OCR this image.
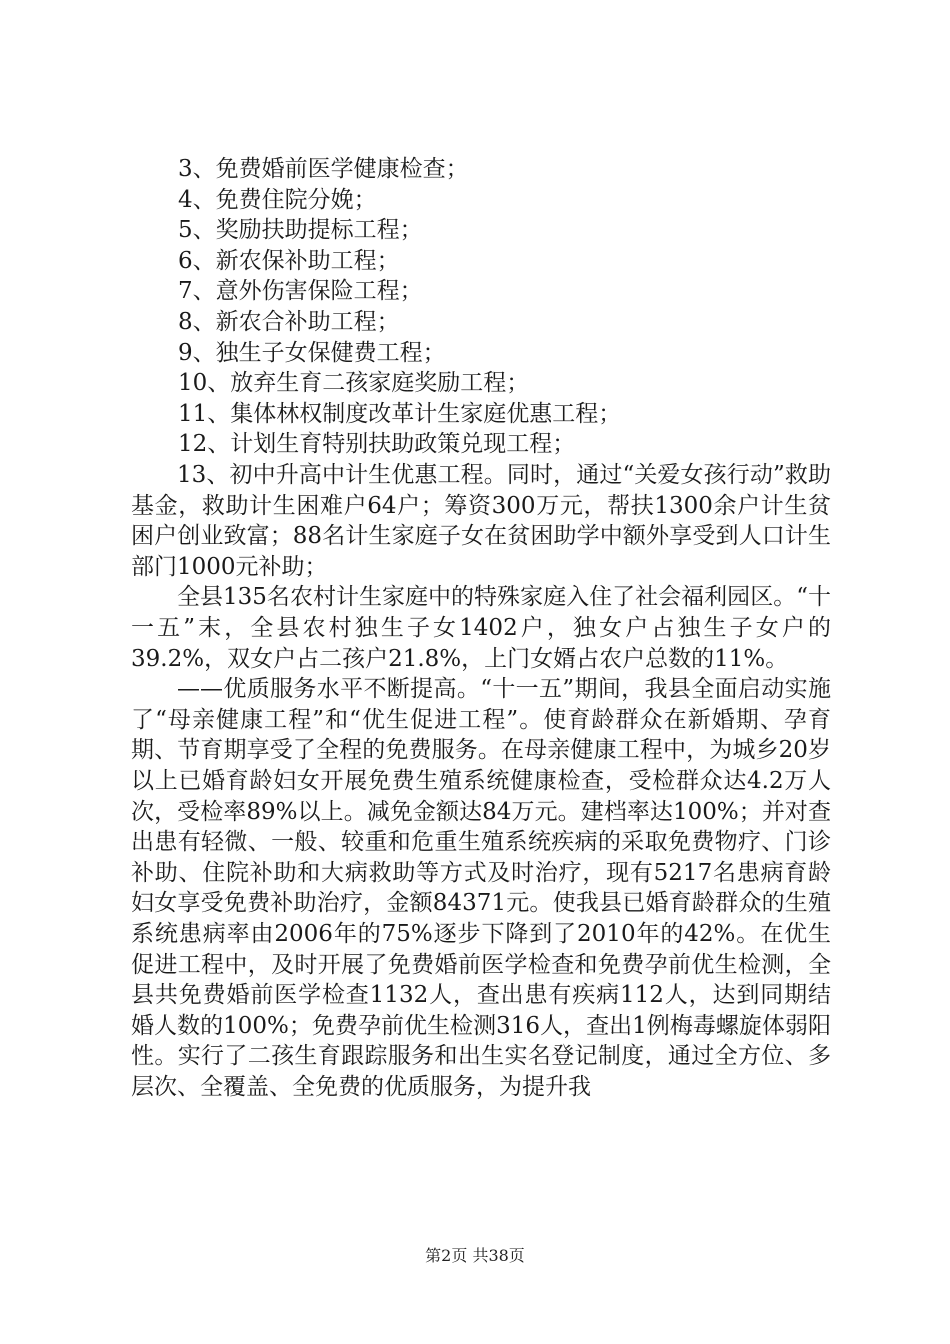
3、免费婚前医学健康检查；
4、免费住院分娩；
5、奖励扶助提标工程；
6、新农保补助工程；
7、意外伤害保险工程；
8、新农合补助工程；
9、独生子女保健费工程；
10、放弃生育二孩家庭奖励工程；
11、集体林权制度改革计生家庭优惠工程；
12、计划生育特别扶助政策兑现工程；

13、初中升高中计生优惠工程。同时，通过“关爱女孩行动”救助基金，救助计生困难户64户；筹资300万元，帮扶1300余户计生贫困户创业致富；88名计生家庭子女在贫困助学中额外享受到人口计生部门1000元补助；

全县135名农村计生家庭中的特殊家庭入住了社会福利园区。“十一五”末，全县农村独生子女1402户，独女户占独生子女户的39.2%，双女户占二孩户21.8%，上门女婿占农户总数的11%。

——优质服务水平不断提高。“十一五”期间，我县全面启动实施了“母亲健康工程”和“优生促进工程”。使育龄群众在新婚期、孕育期、节育期享受了全程的免费服务。在母亲健康工程中，为城乡20岁以上已婚育龄妇女开展免费生殖系统健康检查，受检群众达4.2万人次，受检率89%以上。减免金额达84万元。建档率达100%；并对查出患有轻微、一般、较重和危重生殖系统疾病的采取免费物疗、门诊补助、住院补助和大病救助等方式及时治疗，现有5217名患病育龄妇女享受免费补助治疗，金额84371元。使我县已婚育龄群众的生殖系统患病率由2006年的75%逐步下降到了2010年的42%。在优生促进工程中，及时开展了免费婚前医学检查和免费孕前优生检测，全县共免费婚前医学检查1132人，查出患有疾病112人，达到同期结婚人数的100%；免费孕前优生检测316人，查出1例梅毒螺旋体弱阳性。实行了二孩生育跟踪服务和出生实名登记制度，通过全方位、多层次、全覆盖、全免费的优质服务，为提升我

第2页 共38页
